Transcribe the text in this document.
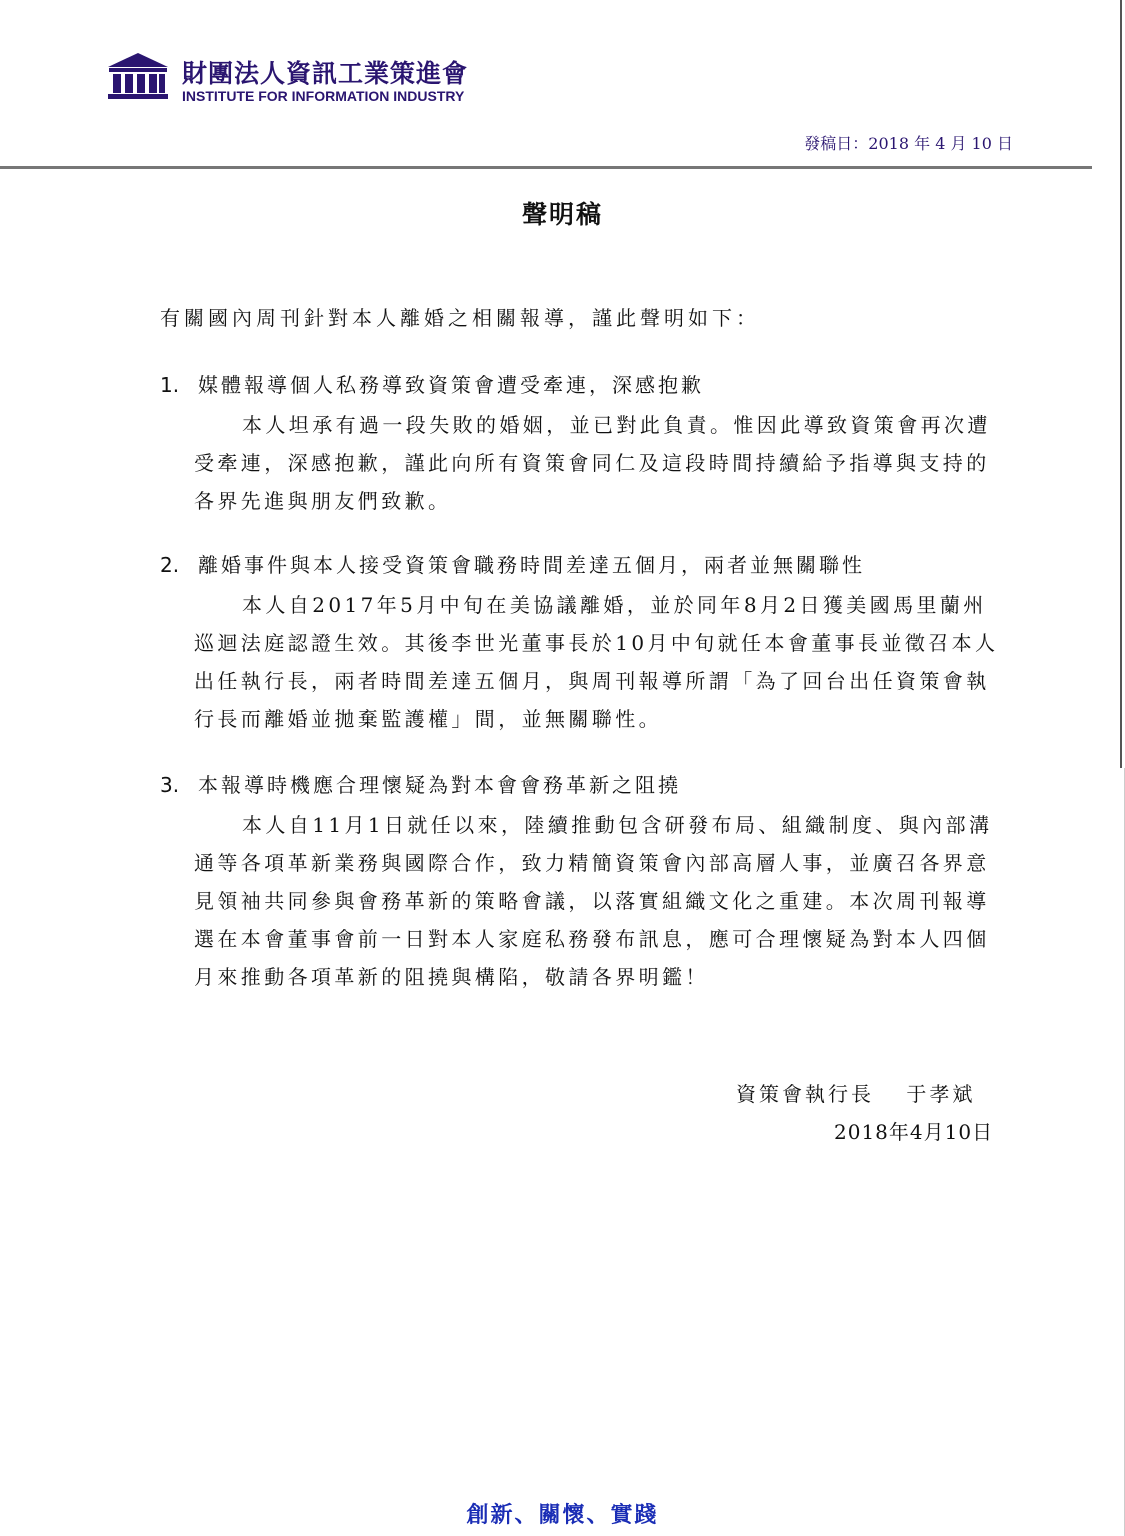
財團法人資訊工業策進會
INSTITUTE FOR INFORMATION INDUSTRY
發稿日：2018 年 4 月 10 日
聲明稿
有關國內周刊針對本人離婚之相關報導，謹此聲明如下：
1. 媒體報導個人私務導致資策會遭受牽連，深感抱歉
本人坦承有過一段失敗的婚姻，並已對此負責。惟因此導致資策會再次遭受牽連，深感抱歉，謹此向所有資策會同仁及這段時間持續給予指導與支持的各界先進與朋友們致歉。
2. 離婚事件與本人接受資策會職務時間差達五個月，兩者並無關聯性
本人自2017年5月中旬在美協議離婚，並於同年8月2日獲美國馬里蘭州巡迴法庭認證生效。其後李世光董事長於10月中旬就任本會董事長並徵召本人出任執行長，兩者時間差達五個月，與周刊報導所謂「為了回台出任資策會執行長而離婚並拋棄監護權」間，並無關聯性。
3. 本報導時機應合理懷疑為對本會會務革新之阻撓
本人自11月1日就任以來，陸續推動包含研發布局、組織制度、與內部溝通等各項革新業務與國際合作，致力精簡資策會內部高層人事，並廣召各界意見領袖共同參與會務革新的策略會議，以落實組織文化之重建。本次周刊報導選在本會董事會前一日對本人家庭私務發布訊息，應可合理懷疑為對本人四個月來推動各項革新的阻撓與構陷，敬請各界明鑑！
資策會執行長　 于孝斌
2018年4月10日
創新、關懷、實踐
